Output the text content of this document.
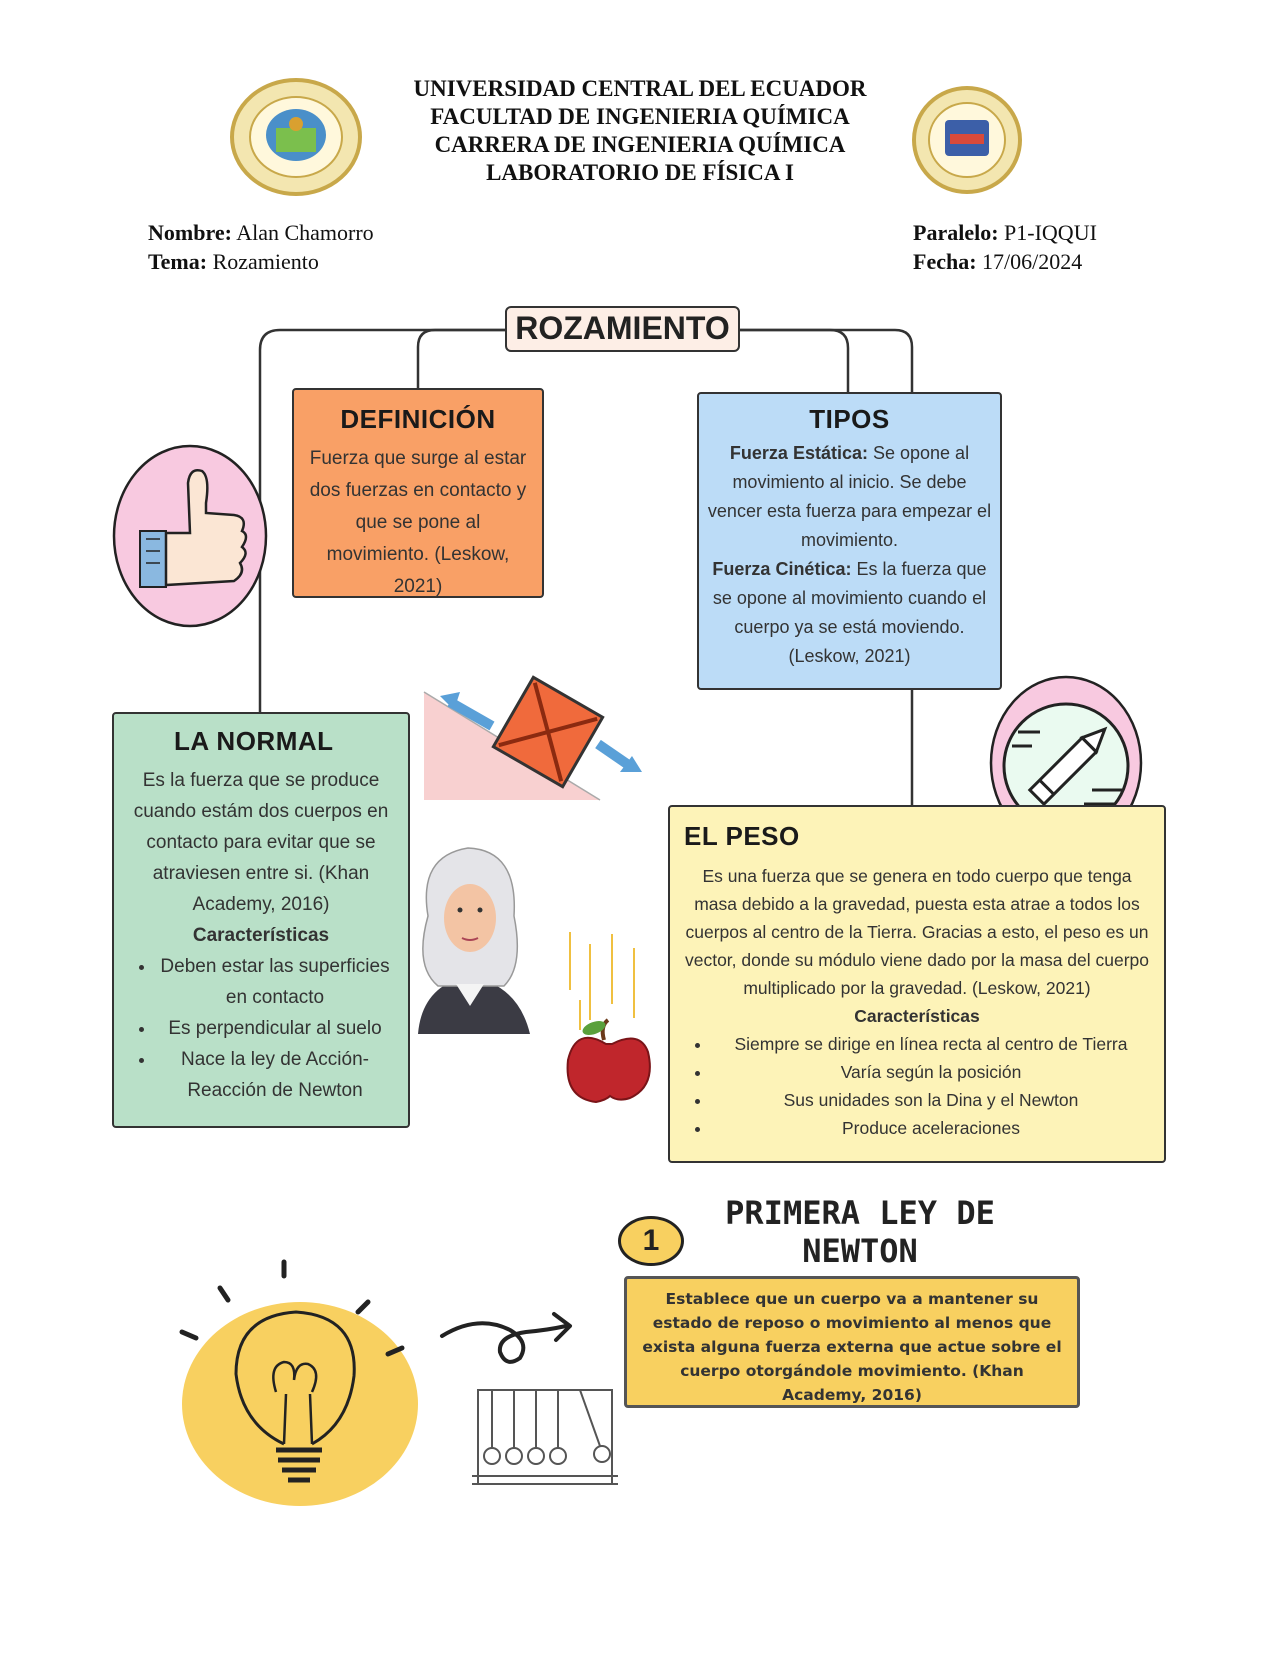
UNIVERSIDAD CENTRAL DEL ECUADOR
FACULTAD DE INGENIERIA QUÍMICA
CARRERA DE INGENIERIA QUÍMICA
LABORATORIO DE FÍSICA I
Nombre: Alan Chamorro
Tema: Rozamiento
Paralelo: P1-IQQUI
Fecha: 17/06/2024
ROZAMIENTO
DEFINICIÓN
Fuerza que surge al estar dos fuerzas en contacto y que se pone al movimiento. (Leskow, 2021)
TIPOS
Fuerza Estática: Se opone al movimiento al inicio. Se debe vencer esta fuerza para empezar el movimiento.
Fuerza Cinética: Es la fuerza que se opone al movimiento cuando el cuerpo ya se está moviendo.
(Leskow, 2021)
LA NORMAL
Es la fuerza que se produce cuando estám dos cuerpos en contacto para evitar que se atraviesen entre si. (Khan Academy, 2016)
Características
• Deben estar las superficies en contacto
• Es perpendicular al suelo
• Nace la ley de Acción-Reacción de Newton
EL PESO
Es una fuerza que se genera en todo cuerpo que tenga masa debido a la gravedad, puesta esta atrae a todos los cuerpos al centro de la Tierra. Gracias a esto, el peso es un vector, donde su módulo viene dado por la masa del cuerpo multiplicado por la gravedad. (Leskow, 2021)
Características
• Siempre se dirige en línea recta al centro de Tierra
• Varía según la posición
• Sus unidades son la Dina y el Newton
• Produce aceleraciones
1
PRIMERA LEY DE
NEWTON
Establece que un cuerpo va a mantener su estado de reposo o movimiento al menos que exista alguna fuerza externa que actue sobre el cuerpo otorgándole movimiento. (Khan Academy, 2016)
